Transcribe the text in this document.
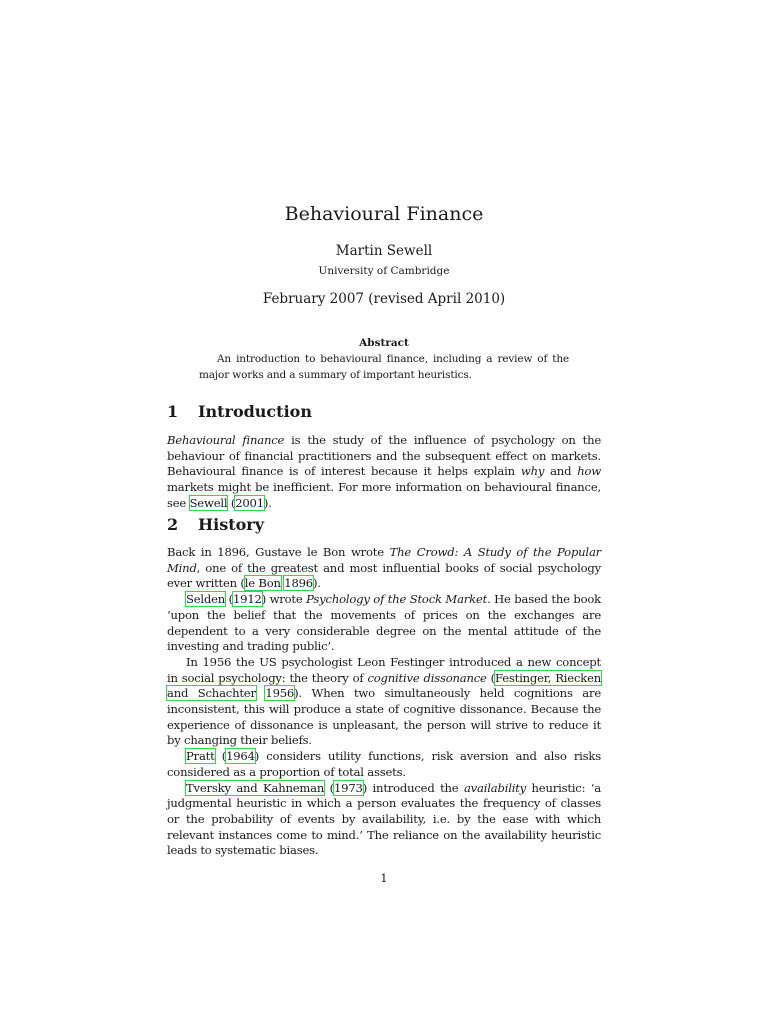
Behavioural Finance
Martin Sewell
University of Cambridge
February 2007 (revised April 2010)
Abstract

An introduction to behavioural finance, including a review of the major works and a summary of important heuristics.

1 Introduction

Behavioural finance is the study of the influence of psychology on the behaviour of financial practitioners and the subsequent effect on markets. Behavioural finance is of interest because it helps explain why and how markets might be inefficient. For more information on behavioural finance, see Sewell (2001).

2 History

Back in 1896, Gustave le Bon wrote The Crowd: A Study of the Popular Mind, one of the greatest and most influential books of social psychology ever written (le Bon 1896).

Selden (1912) wrote Psychology of the Stock Market. He based the book ‘upon the belief that the movements of prices on the exchanges are dependent to a very considerable degree on the mental attitude of the investing and trading public’.

In 1956 the US psychologist Leon Festinger introduced a new concept in social psychology: the theory of cognitive dissonance (Festinger, Riecken and Schachter 1956). When two simultaneously held cognitions are inconsistent, this will produce a state of cognitive dissonance. Because the experience of dissonance is unpleasant, the person will strive to reduce it by changing their beliefs.

Pratt (1964) considers utility functions, risk aversion and also risks considered as a proportion of total assets.

Tversky and Kahneman (1973) introduced the availability heuristic: ‘a judgmental heuristic in which a person evaluates the frequency of classes or the probability of events by availability, i.e. by the ease with which relevant instances come to mind.’ The reliance on the availability heuristic leads to systematic biases.

1
